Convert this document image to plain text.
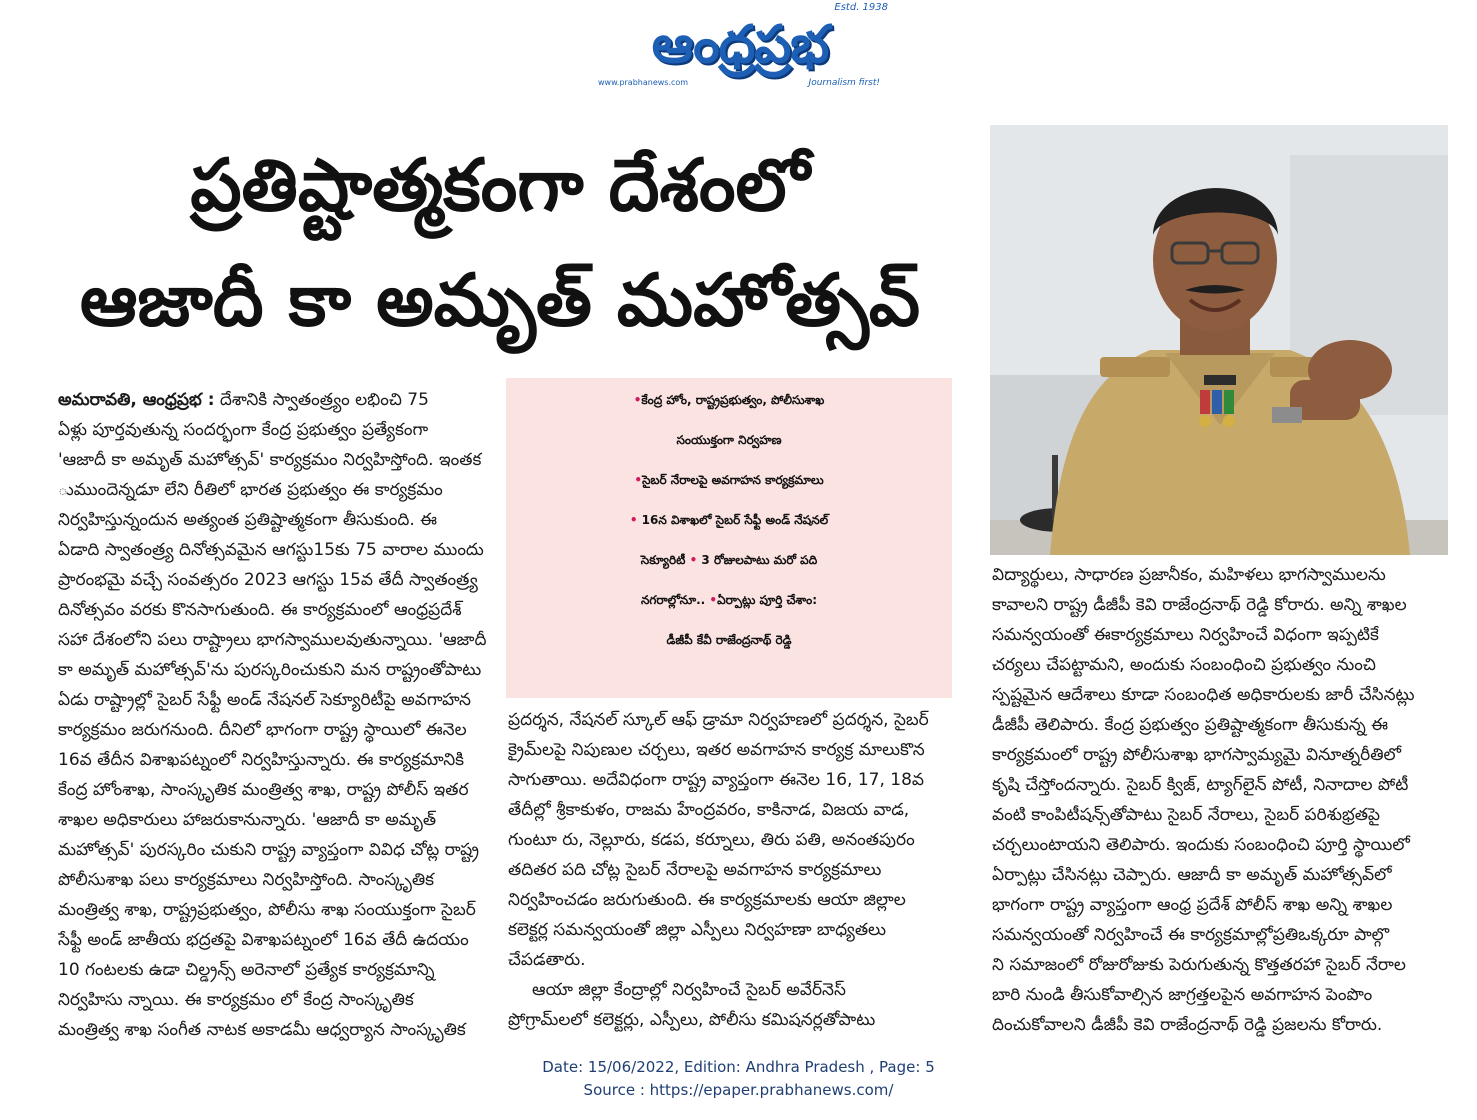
Estd. 1938
ఆంధ్రప్రభ
www.prabhanews.com	Journalism first!
ప్రతిష్టాత్మకంగా దేశంలో
ఆజాదీ కా అమృత్ మహోత్సవ్
అమరావతి, ఆంధ్రప్రభ : దేశానికి స్వాతంత్ర్యం లభించి 75
ఏళ్లు పూర్తవుతున్న సందర్భంగా కేంద్ర ప్రభుత్వం ప్రత్యేకంగా
'ఆజాదీ కా అమృత్ మహోత్సవ్' కార్యక్రమం నిర్వహిస్తోంది. ఇంతక
ుముందెన్నడూ లేని రీతిలో భారత ప్రభుత్వం ఈ కార్యక్రమం
నిర్వహిస్తున్నందున అత్యంత ప్రతిష్టాత్మకంగా తీసుకుంది. ఈ
ఏడాది స్వాతంత్ర్య దినోత్సవమైన ఆగస్టు15కు 75 వారాల ముందు
ప్రారంభమై వచ్చే సంవత్సరం 2023 ఆగస్టు 15వ తేదీ స్వాతంత్ర్య
దినోత్సవం వరకు కొనసాగుతుంది. ఈ కార్యక్రమంలో ఆంధ్రప్రదేశ్
సహా దేశంలోని పలు రాష్ట్రాలు భాగస్వాములవుతున్నాయి. 'ఆజాదీ
కా అమృత్ మహోత్సవ్'ను పురస్కరించుకుని మన రాష్ట్రంతోపాటు
ఏడు రాష్ట్రాల్లో సైబర్ సేఫ్టీ అండ్ నేషనల్ సెక్యూరిటీపై అవగాహన
కార్యక్రమం జరుగనుంది. దీనిలో భాగంగా రాష్ట్ర స్థాయిలో ఈనెల
16వ తేదీన విశాఖపట్నంలో నిర్వహిస్తున్నారు. ఈ కార్యక్రమానికి
కేంద్ర హోంశాఖ, సాంస్కృతిక మంత్రిత్వ శాఖ, రాష్ట్ర పోలీస్ ఇతర
శాఖల అధికారులు హాజరుకానున్నారు. 'ఆజాదీ కా అమృత్
మహోత్సవ్' పురస్కరిం చుకుని రాష్ట్ర వ్యాప్తంగా వివిధ చోట్ల రాష్ట్ర
పోలీసుశాఖ పలు కార్యక్రమాలు నిర్వహిస్తోంది. సాంస్కృతిక
మంత్రిత్వ శాఖ, రాష్ట్రప్రభుత్వం, పోలీసు శాఖ సంయుక్తంగా సైబర్
సేఫ్టీ అండ్ జాతీయ భద్రతపై విశాఖపట్నంలో 16వ తేదీ ఉదయం
10 గంటలకు ఉడా చిల్డ్రన్స్ అరెనాలో ప్రత్యేక కార్యక్రమాన్ని
నిర్వహిసు న్నాయి. ఈ కార్యక్రమం లో కేంద్ర సాంస్కృతిక
మంత్రిత్వ శాఖ సంగీత నాటక అకాడమీ ఆధ్వర్యాన సాంస్కృతిక
•కేంద్ర హోం, రాష్ట్రప్రభుత్వం, పోలీసుశాఖ
సంయుక్తంగా నిర్వహణ
•సైబర్ నేరాలపై అవగాహన కార్యక్రమాలు
• 16న విశాఖలో సైబర్ సేఫ్టీ అండ్ నేషనల్
సెక్యూరిటీ • 3 రోజులపాటు మరో పది
నగరాల్లోనూ.. •ఏర్పాట్లు పూర్తి చేశాం:
డీజీపీ కేవీ రాజేంద్రనాథ్ రెడ్డి
ప్రదర్శన, నేషనల్ స్కూల్ ఆఫ్ డ్రామా నిర్వహణలో ప్రదర్శన, సైబర్
క్రైమ్‌లపై నిపుణుల చర్చలు, ఇతర అవగాహన కార్యక్ర మాలుకొన
సాగుతాయి. అదేవిధంగా రాష్ట్ర వ్యాప్తంగా ఈనెల 16, 17, 18వ
తేదీల్లో శ్రీకాకుళం, రాజమ హేంద్రవరం, కాకినాడ, విజయ వాడ,
గుంటూ రు, నెల్లూరు, కడప, కర్నూలు, తిరు పతి, అనంతపురం
తదితర పది చోట్ల సైబర్ నేరాలపై అవగాహన కార్యక్రమాలు
నిర్వహించడం జరుగుతుంది. ఈ కార్యక్రమాలకు ఆయా జిల్లాల
కలెక్టర్ల సమన్వయంతో జిల్లా ఎస్పీలు నిర్వహణా బాధ్యతలు
చేపడతారు.
ఆయా జిల్లా కేంద్రాల్లో నిర్వహించే సైబర్ అవేర్‌నెస్
ప్రోగ్రామ్‌లలో కలెక్టర్లు, ఎస్పీలు, పోలీసు కమిషనర్లతోపాటు
విద్యార్థులు, సాధారణ ప్రజానీకం, మహిళలు భాగస్వాములను
కావాలని రాష్ట్ర డీజీపీ కెవి రాజేంద్రనాథ్ రెడ్డి కోరారు. అన్ని శాఖల
సమన్వయంతో ఈకార్యక్రమాలు నిర్వహించే విధంగా ఇప్పటికే
చర్యలు చేపట్టామని, అందుకు సంబంధించి ప్రభుత్వం నుంచి
స్పష్టమైన ఆదేశాలు కూడా సంబంధిత అధికారులకు జారీ చేసినట్లు
డీజీపీ తెలిపారు. కేంద్ర ప్రభుత్వం ప్రతిష్టాత్మకంగా తీసుకున్న ఈ
కార్యక్రమంలో రాష్ట్ర పోలీసుశాఖ భాగస్వామ్యమై వినూత్నరీతిలో
కృషి చేస్తోందన్నారు. సైబర్ క్విజ్, ట్యాగ్‌లైన్ పోటీ, నినాదాల పోటీ
వంటి కాంపిటీషన్స్‌తోపాటు సైబర్ నేరాలు, సైబర్ పరిశుభ్రతపై
చర్చలుంటాయని తెలిపారు. ఇందుకు సంబంధించి పూర్తి స్థాయిలో
ఏర్పాట్లు చేసినట్లు చెప్పారు. ఆజాదీ కా అమృత్ మహోత్సవ్‌లో
భాగంగా రాష్ట్ర వ్యాప్తంగా ఆంధ్ర ప్రదేశ్ పోలీస్ శాఖ అన్ని శాఖల
సమన్వయంతో నిర్వహించే ఈ కార్యక్రమాల్లోప్రతిఒక్కరూ పాల్గొ
ని సమాజంలో రోజురోజుకు పెరుగుతున్న కొత్తతరహా సైబర్ నేరాల
బారి నుండి తీసుకోవాల్సిన జాగ్రత్తలపైన అవగాహన పెంపొం
దించుకోవాలని డీజీపీ కెవి రాజేంద్రనాథ్ రెడ్డి ప్రజలను కోరారు.
Date: 15/06/2022, Edition: Andhra Pradesh , Page: 5
Source : https://epaper.prabhanews.com/
